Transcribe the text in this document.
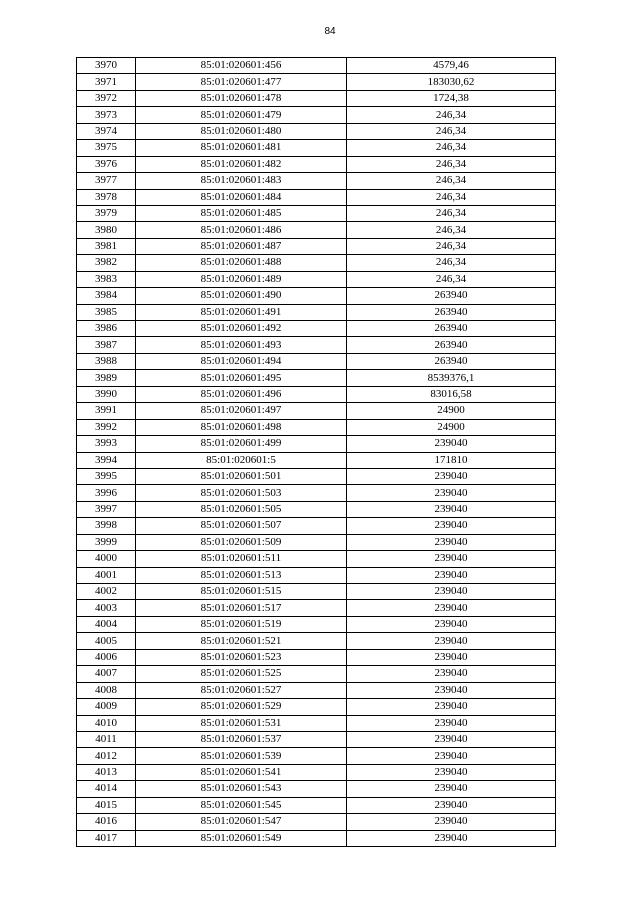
84
3970	85:01:020601:456	4579,46
3971	85:01:020601:477	183030,62
3972	85:01:020601:478	1724,38
3973	85:01:020601:479	246,34
3974	85:01:020601:480	246,34
3975	85:01:020601:481	246,34
3976	85:01:020601:482	246,34
3977	85:01:020601:483	246,34
3978	85:01:020601:484	246,34
3979	85:01:020601:485	246,34
3980	85:01:020601:486	246,34
3981	85:01:020601:487	246,34
3982	85:01:020601:488	246,34
3983	85:01:020601:489	246,34
3984	85:01:020601:490	263940
3985	85:01:020601:491	263940
3986	85:01:020601:492	263940
3987	85:01:020601:493	263940
3988	85:01:020601:494	263940
3989	85:01:020601:495	8539376,1
3990	85:01:020601:496	83016,58
3991	85:01:020601:497	24900
3992	85:01:020601:498	24900
3993	85:01:020601:499	239040
3994	85:01:020601:5	171810
3995	85:01:020601:501	239040
3996	85:01:020601:503	239040
3997	85:01:020601:505	239040
3998	85:01:020601:507	239040
3999	85:01:020601:509	239040
4000	85:01:020601:511	239040
4001	85:01:020601:513	239040
4002	85:01:020601:515	239040
4003	85:01:020601:517	239040
4004	85:01:020601:519	239040
4005	85:01:020601:521	239040
4006	85:01:020601:523	239040
4007	85:01:020601:525	239040
4008	85:01:020601:527	239040
4009	85:01:020601:529	239040
4010	85:01:020601:531	239040
4011	85:01:020601:537	239040
4012	85:01:020601:539	239040
4013	85:01:020601:541	239040
4014	85:01:020601:543	239040
4015	85:01:020601:545	239040
4016	85:01:020601:547	239040
4017	85:01:020601:549	239040
